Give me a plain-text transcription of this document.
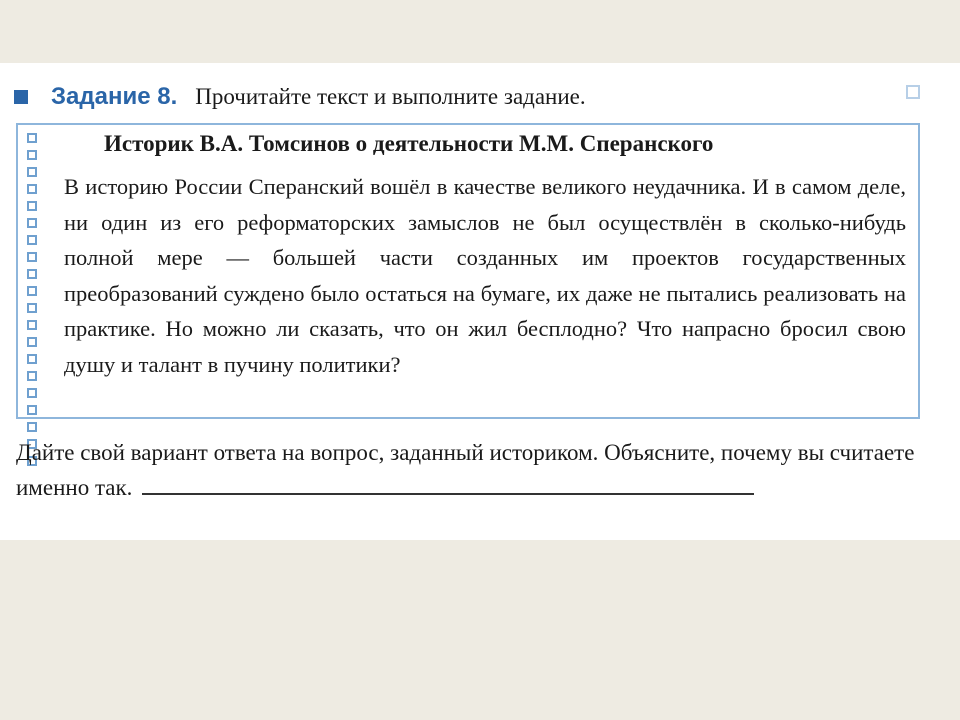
Задание 8. Прочитайте текст и выполните задание.
Историк В.А. Томсинов о деятельности М.М. Сперанского

В историю России Сперанский вошёл в качестве великого неудачника. И в самом деле, ни один из его реформаторских замыслов не был осуществлён в сколько-нибудь полной мере — большей части созданных им проектов государственных преобразований суждено было остаться на бумаге, их даже не пытались реализовать на практике. Но можно ли сказать, что он жил бесплодно? Что напрасно бросил свою душу и талант в пучину политики?

Дайте свой вариант ответа на вопрос, заданный историком. Объясните, почему вы считаете именно так.
